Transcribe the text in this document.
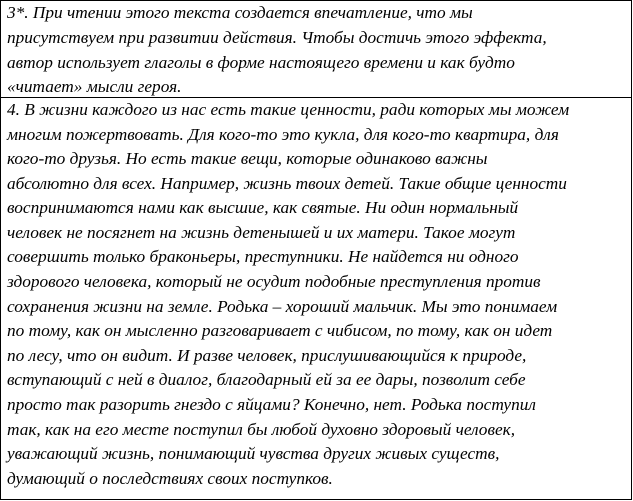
3*. При чтении этого текста создается впечатление, что мы
присутствуем при развитии действия. Чтобы достичь этого эффекта,
автор использует глаголы в форме настоящего времени и как будто
«читает» мысли героя.
4. В жизни каждого из нас есть такие ценности, ради которых мы можем
многим пожертвовать. Для кого-то это кукла, для кого-то квартира, для
кого-то друзья. Но есть такие вещи, которые одинаково важны
абсолютно для всех. Например, жизнь твоих детей. Такие общие ценности
воспринимаются нами как высшие, как святые. Ни один нормальный
человек не посягнет на жизнь детенышей и их матери. Такое могут
совершить только браконьеры, преступники. Не найдется ни одного
здорового человека, который не осудит подобные преступления против
сохранения жизни на земле. Родька – хороший мальчик. Мы это понимаем
по тому, как он мысленно разговаривает с чибисом, по тому, как он идет
по лесу, что он видит. И разве человек, прислушивающийся к природе,
вступающий с ней в диалог, благодарный ей за ее дары, позволит себе
просто так разорить гнездо с яйцами? Конечно, нет. Родька поступил
так, как на его месте поступил бы любой духовно здоровый человек,
уважающий жизнь, понимающий чувства других живых существ,
думающий о последствиях своих поступков.
